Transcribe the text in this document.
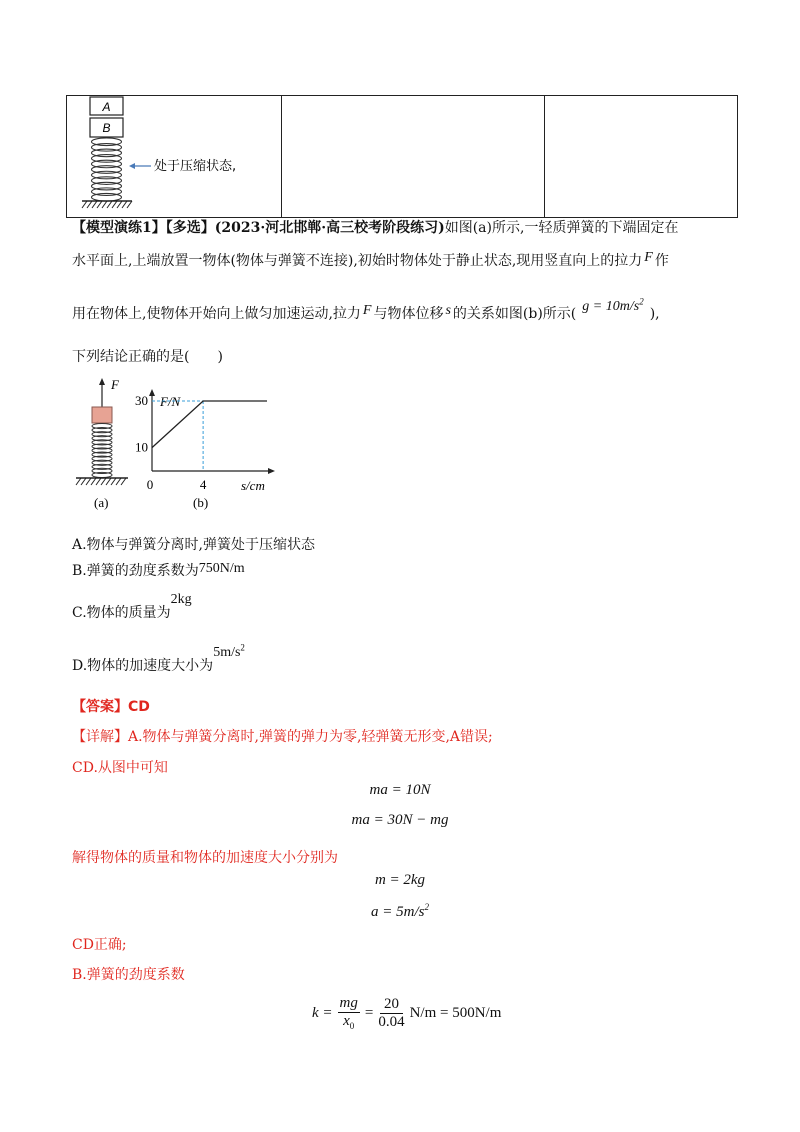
A
B
处于压缩状态,

【模型演练1】【多选】(2023·河北邯郸·高三校考阶段练习)如图(a)所示,一轻质弹簧的下端固定在
水平面上,上端放置一物体(物体与弹簧不连接),初始时物体处于静止状态,现用竖直向上的拉力 F 作
用在物体上,使物体开始向上做匀加速运动,拉力 F 与物体位移 s 的关系如图(b)所示( $g = 10m/s^2$),
下列结论正确的是(　　)
F
(a)
F/N
s/cm
10
30
0	4
(b)
A.物体与弹簧分离时,弹簧处于压缩状态
B.弹簧的劲度系数为750N/m
C.物体的质量为2kg
D.物体的加速度大小为$5m/s^2$
【答案】CD
【详解】A.物体与弹簧分离时,弹簧的弹力为零,轻弹簧无形变,A错误;
CD.从图中可知
ma = 10N
ma = 30N − mg
解得物体的质量和物体的加速度大小分别为
m = 2kg
$a = 5m/s^2$
CD正确;
B.弹簧的劲度系数
$k = \frac{mg}{x_0} = \frac{20}{0.04} N/m = 500N/m$
